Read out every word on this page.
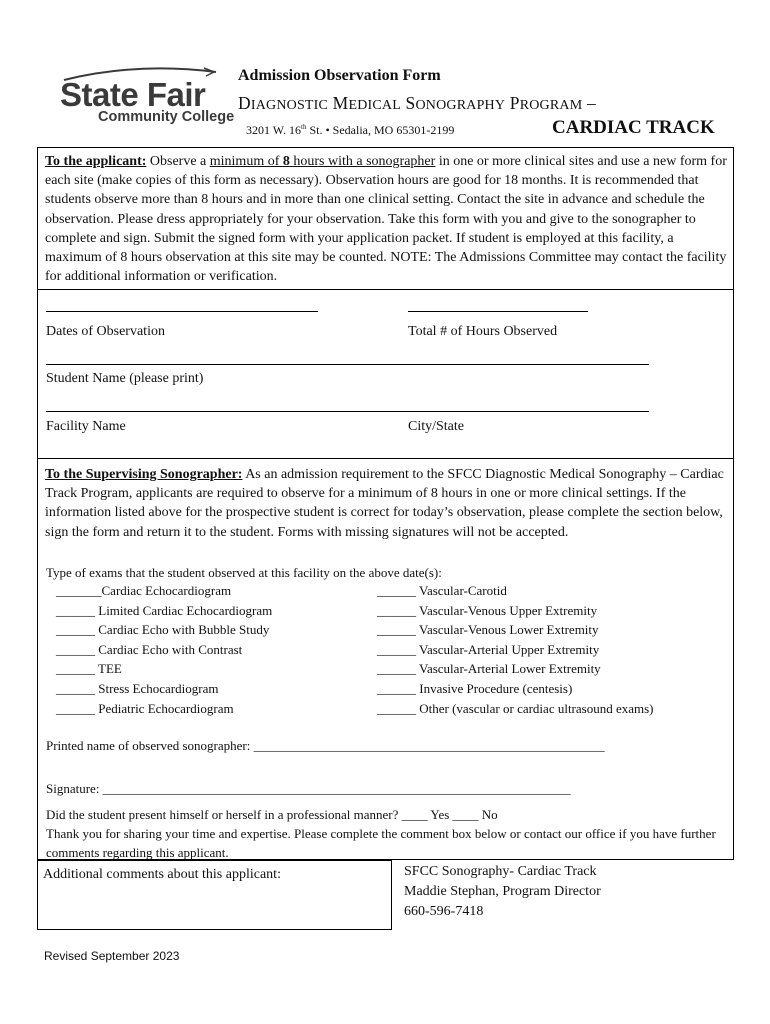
State Fair
Community College
Admission Observation Form
DIAGNOSTIC MEDICAL SONOGRAPHY PROGRAM –
3201 W. 16th St. • Sedalia, MO 65301-2199	CARDIAC TRACK
To the applicant: Observe a minimum of 8 hours with a sonographer in one or more clinical sites and use a new form for each site (make copies of this form as necessary). Observation hours are good for 18 months. It is recommended that students observe more than 8 hours and in more than one clinical setting. Contact the site in advance and schedule the observation. Please dress appropriately for your observation. Take this form with you and give to the sonographer to complete and sign. Submit the signed form with your application packet. If student is employed at this facility, a maximum of 8 hours observation at this site may be counted. NOTE: The Admissions Committee may contact the facility for additional information or verification.
Dates of Observation	Total # of Hours Observed
Student Name (please print)
Facility Name	City/State
To the Supervising Sonographer: As an admission requirement to the SFCC Diagnostic Medical Sonography – Cardiac Track Program, applicants are required to observe for a minimum of 8 hours in one or more clinical settings. If the information listed above for the prospective student is correct for today’s observation, please complete the section below, sign the form and return it to the student. Forms with missing signatures will not be accepted.
Type of exams that the student observed at this facility on the above date(s):
Printed name of observed sonographer: ______________________________________________________
Signature: ________________________________________________________________________
Did the student present himself or herself in a professional manner? ____ Yes ____ No
Thank you for sharing your time and expertise. Please complete the comment box below or contact our office if you have further comments regarding this applicant.
_______Cardiac Echocardiogram
______ Limited Cardiac Echocardiogram
______ Cardiac Echo with Bubble Study
______ Cardiac Echo with Contrast
______ TEE
______ Stress Echocardiogram
______ Pediatric Echocardiogram
______ Vascular-Carotid
______ Vascular-Venous Upper Extremity
______ Vascular-Venous Lower Extremity
______ Vascular-Arterial Upper Extremity
______ Vascular-Arterial Lower Extremity
______ Invasive Procedure (centesis)
______ Other (vascular or cardiac ultrasound exams)
Additional comments about this applicant:	SFCC Sonography- Cardiac Track
Maddie Stephan, Program Director
660-596-7418
Revised September 2023
